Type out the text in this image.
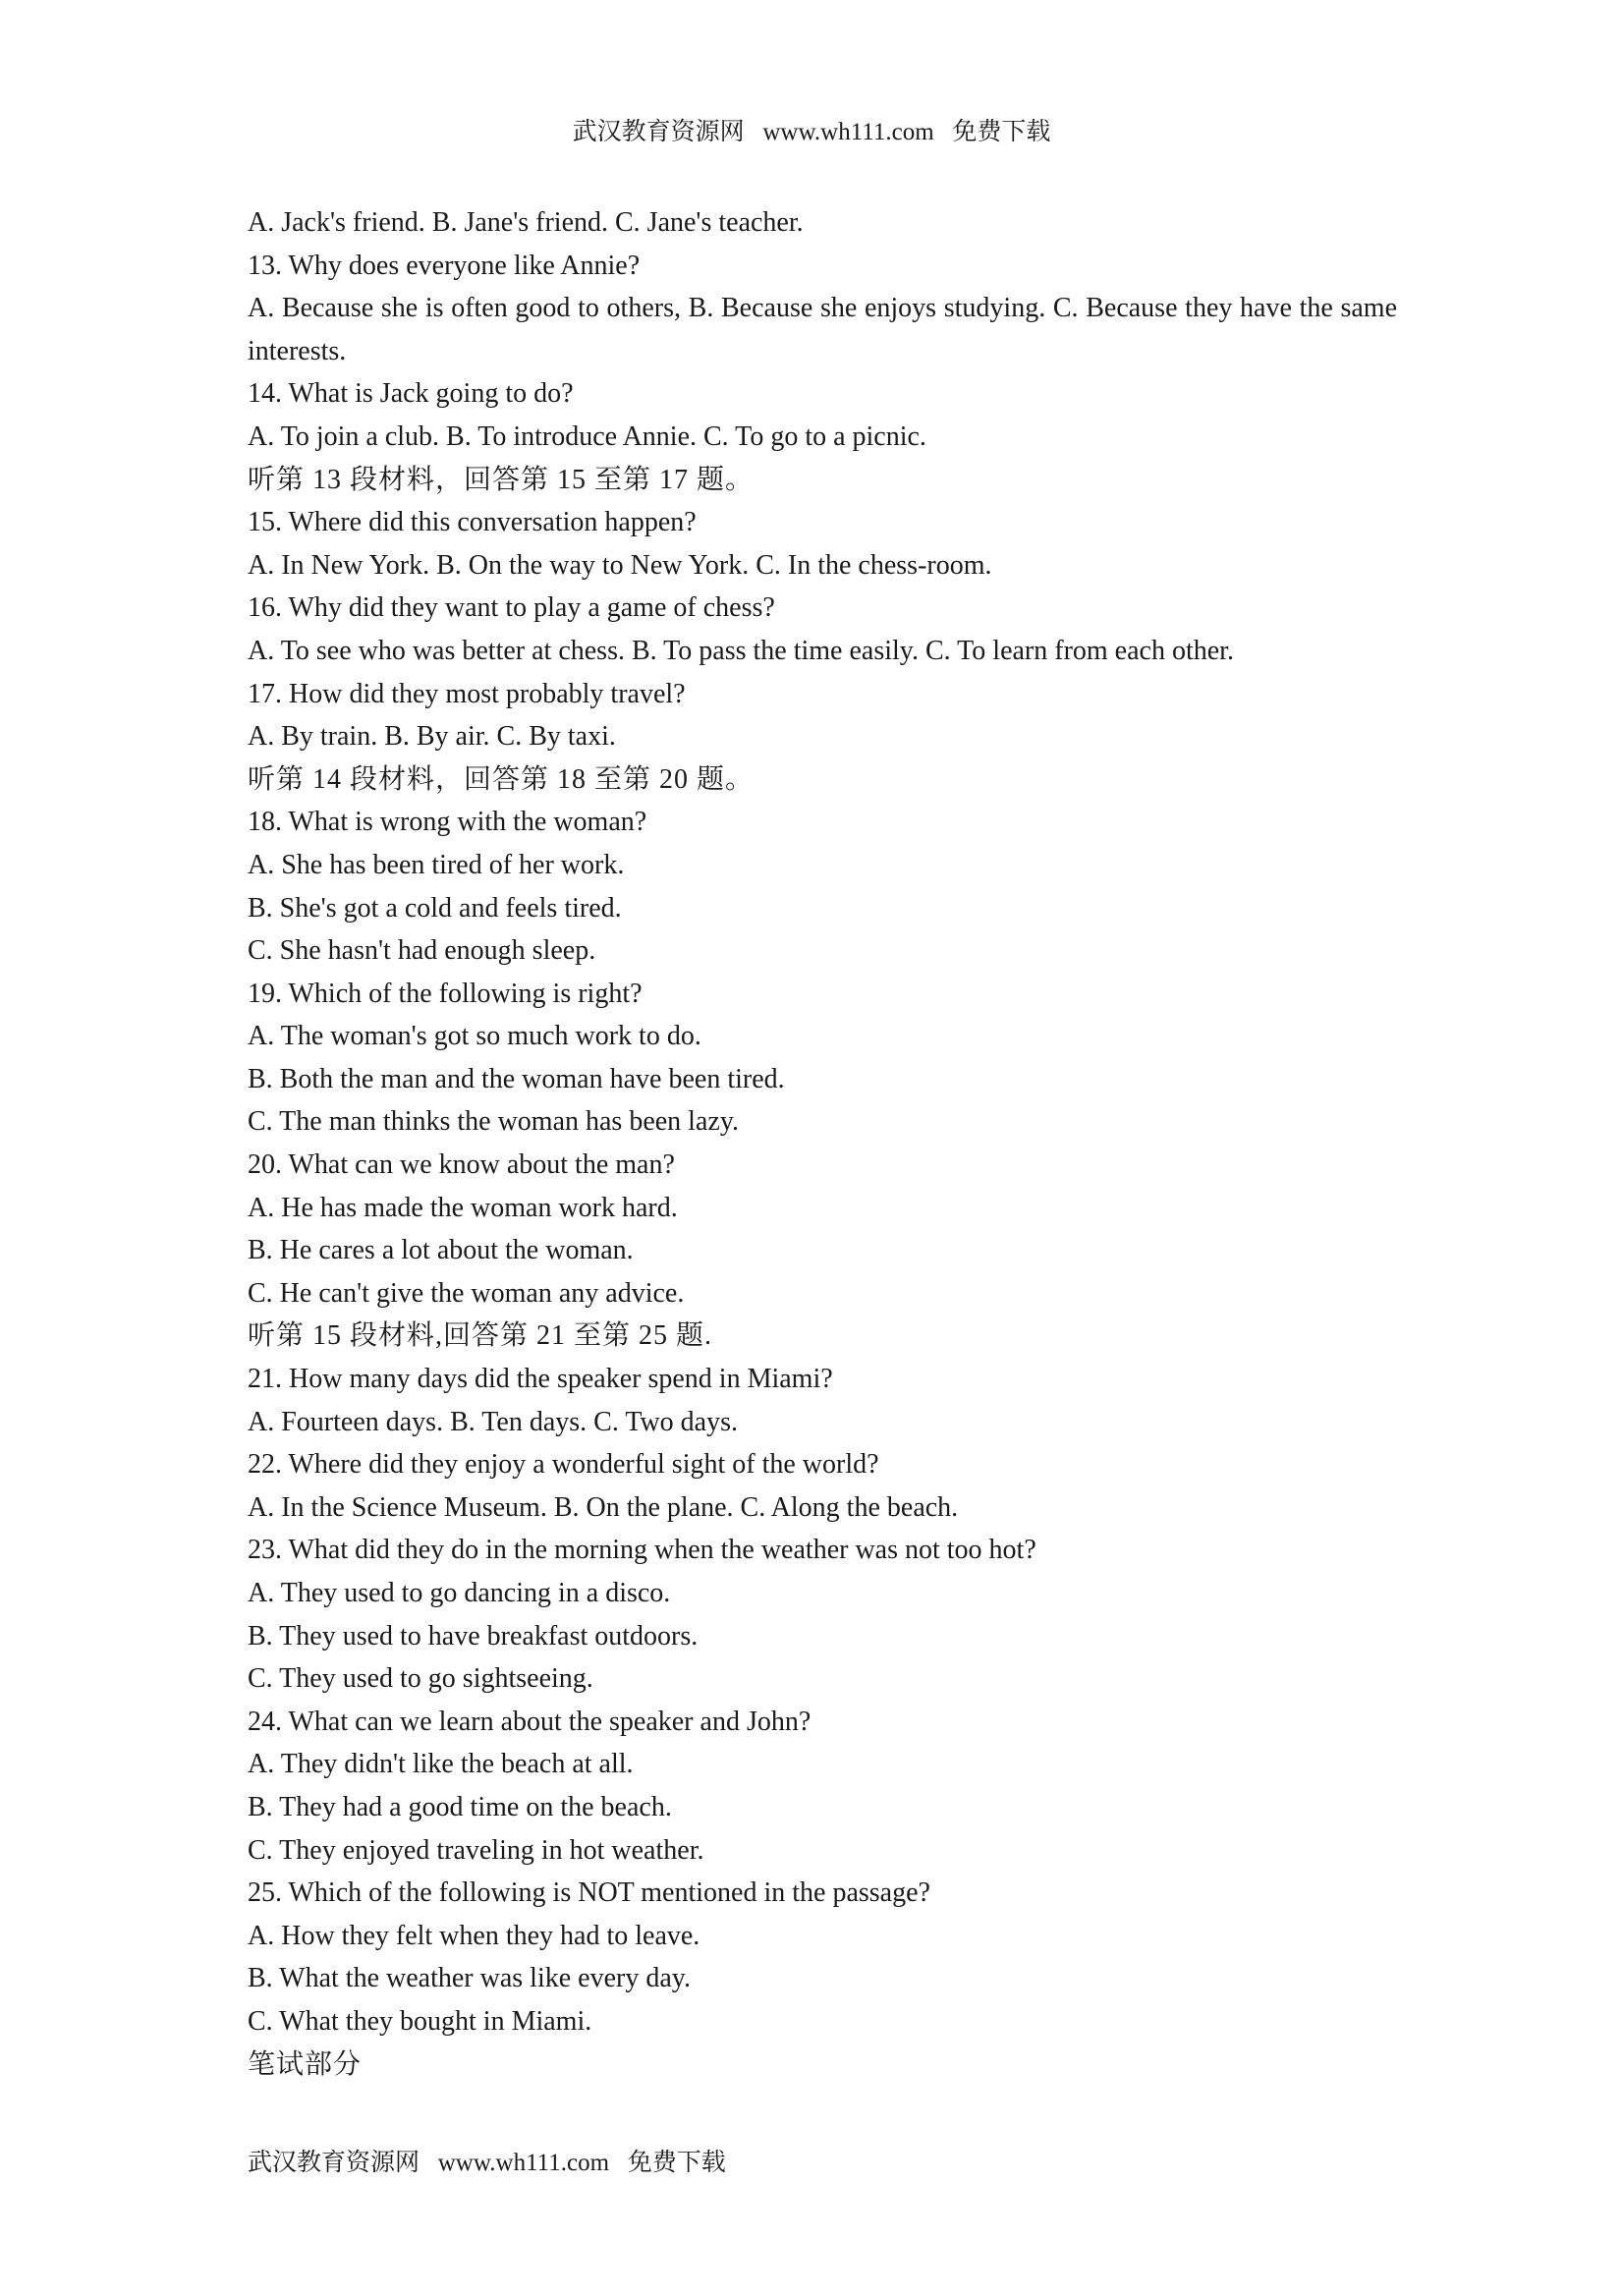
武汉教育资源网   www.wh111.com   免费下载
A. Jack's friend. B. Jane's friend. C. Jane's teacher.
13. Why does everyone like Annie?
A. Because she is often good to others, B. Because she enjoys studying. C. Because they have the same interests.
14. What is Jack going to do?
A. To join a club. B. To introduce Annie. C. To go to a picnic.
听第 13 段材料，回答第 15 至第 17 题。
15. Where did this conversation happen?
A. In New York. B. On the way to New York. C. In the chess-room.
16. Why did they want to play a game of chess?
A. To see who was better at chess. B. To pass the time easily. C. To learn from each other.
17. How did they most probably travel?
A. By train. B. By air. C. By taxi.
听第 14 段材料，回答第 18 至第 20 题。
18. What is wrong with the woman?
A. She has been tired of her work.
B. She's got a cold and feels tired.
C. She hasn't had enough sleep.
19. Which of the following is right?
A. The woman's got so much work to do.
B. Both the man and the woman have been tired.
C. The man thinks the woman has been lazy.
20. What can we know about the man?
A. He has made the woman work hard.
B. He cares a lot about the woman.
C. He can't give the woman any advice.
听第 15 段材料,回答第 21 至第 25 题.
21. How many days did the speaker spend in Miami?
A. Fourteen days. B. Ten days. C. Two days.
22. Where did they enjoy a wonderful sight of the world?
A. In the Science Museum. B. On the plane. C. Along the beach.
23. What did they do in the morning when the weather was not too hot?
A. They used to go dancing in a disco.
B. They used to have breakfast outdoors.
C. They used to go sightseeing.
24. What can we learn about the speaker and John?
A. They didn't like the beach at all.
B. They had a good time on the beach.
C. They enjoyed traveling in hot weather.
25. Which of the following is NOT mentioned in the passage?
A. How they felt when they had to leave.
B. What the weather was like every day.
C. What they bought in Miami.
笔试部分
武汉教育资源网   www.wh111.com   免费下载
